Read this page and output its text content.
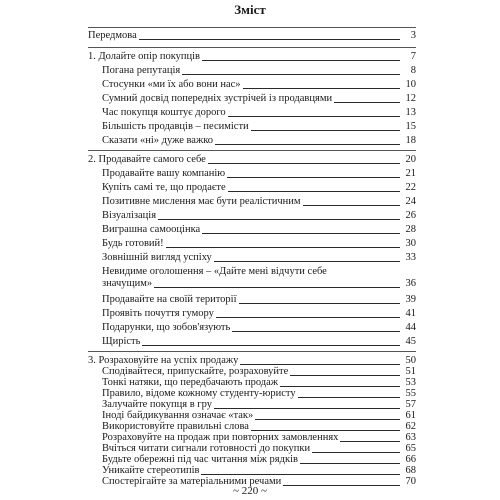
Зміст
Передмова	3
1. Долайте опір покупців	7
Погана репутація	8
Стосунки «ми їх або вони нас»	10
Сумний досвід попередніх зустрічей із продавцями	12
Час покупця коштує дорого	13
Більшість продавців – песимісти	15
Сказати «ні» дуже важко	18
2. Продавайте самого себе	20
Продавайте вашу компанію	21
Купіть самі те, що продаєте	22
Позитивне мислення має бути реалістичним	24
Візуалізація	26
Виграшна самооцінка	28
Будь готовий!	30
Зовнішній вигляд успіху	33
Невидиме оголошення – «Дайте мені відчути себе
значущим»	36
Продавайте на своїй території	39
Проявіть почуття гумору	41
Подарунки, що зобов'язують	44
Щирість	45
3. Розраховуйте на успіх продажу	50
Сподівайтеся, припускайте, розраховуйте	51
Тонкі натяки, що передбачають продаж	53
Правило, відоме кожному студенту-юристу	55
Залучайте покупця в гру	57
Іноді байдикування означає «так»	61
Використовуйте правильні слова	62
Розраховуйте на продаж при повторних замовленнях	63
Вчіться читати сигнали готовності до покупки	65
Будьте обережні під час читання між рядків	66
Уникайте стереотипів	68
Спостерігайте за матеріальними речами	70
~ 220 ~
